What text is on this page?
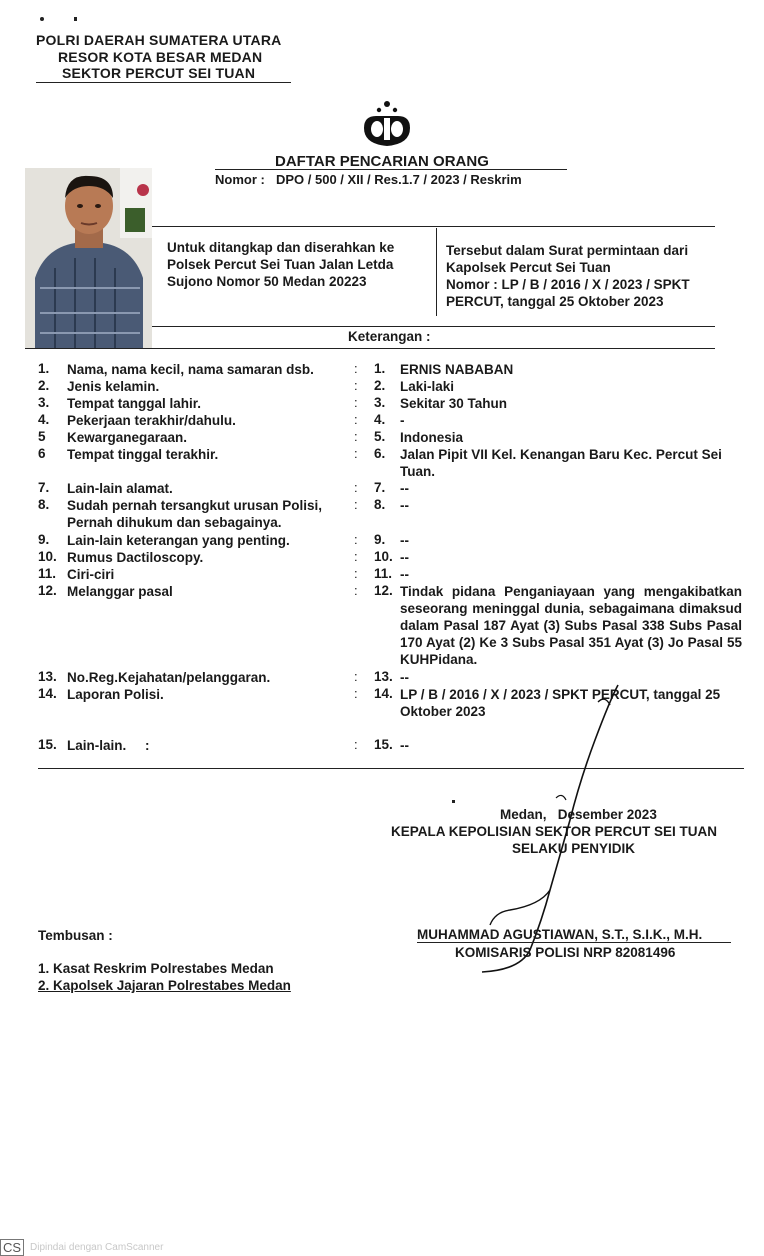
POLRI DAERAH SUMATERA UTARA
RESOR KOTA BESAR MEDAN
SEKTOR PERCUT SEI TUAN
DAFTAR PENCARIAN ORANG
Nomor : DPO / 500 / XII / Res.1.7 / 2023 / Reskrim
Untuk ditangkap dan diserahkan ke
Polsek Percut Sei Tuan Jalan Letda
Sujono Nomor 50 Medan 20223
Tersebut dalam Surat permintaan dari
Kapolsek Percut Sei Tuan
Nomor : LP / B / 2016 / X / 2023 / SPKT
PERCUT, tanggal 25 Oktober 2023
Keterangan :
1. Nama, nama kecil, nama samaran dsb.	: 1. ERNIS NABABAN
2. Jenis kelamin.	: 2. Laki-laki
3. Tempat tanggal lahir.	: 3. Sekitar 30 Tahun
4. Pekerjaan terakhir/dahulu.	: 4. -
5 Kewarganegaraan.	: 5. Indonesia
6 Tempat tinggal terakhir.	: 6. Jalan Pipit VII Kel. Kenangan Baru Kec. Percut Sei Tuan.
7. Lain-lain alamat.	: 7. --
8. Sudah pernah tersangkut urusan Polisi, Pernah dihukum dan sebagainya.
: 8. --
9. Lain-lain keterangan yang penting.	: 9. --
10. Rumus Dactiloscopy.	: 10. --
11. Ciri-ciri	: 11. --
12. Melanggar pasal	: 12. Tindak pidana Penganiayaan yang mengakibatkan seseorang meninggal dunia, sebagaimana dimaksud dalam Pasal 187 Ayat (3) Subs Pasal 338 Subs Pasal 170 Ayat (2) Ke 3 Subs Pasal 351 Ayat (3) Jo Pasal 55 KUHPidana.
13. No.Reg.Kejahatan/pelanggaran.	: 13. --
14. Laporan Polisi.	: 14. LP / B / 2016 / X / 2023 / SPKT PERCUT, tanggal 25 Oktober 2023
15. Lain-lain.     :	: 15. --
Medan,   Desember 2023
KEPALA KEPOLISIAN SEKTOR PERCUT SEI TUAN
SELAKU PENYIDIK
MUHAMMAD AGUSTIAWAN, S.T., S.I.K., M.H.
KOMISARIS POLISI NRP 82081496
Tembusan :
1. Kasat Reskrim Polrestabes Medan
2. Kapolsek Jajaran Polrestabes Medan
CS Dipindai dengan CamScanner
